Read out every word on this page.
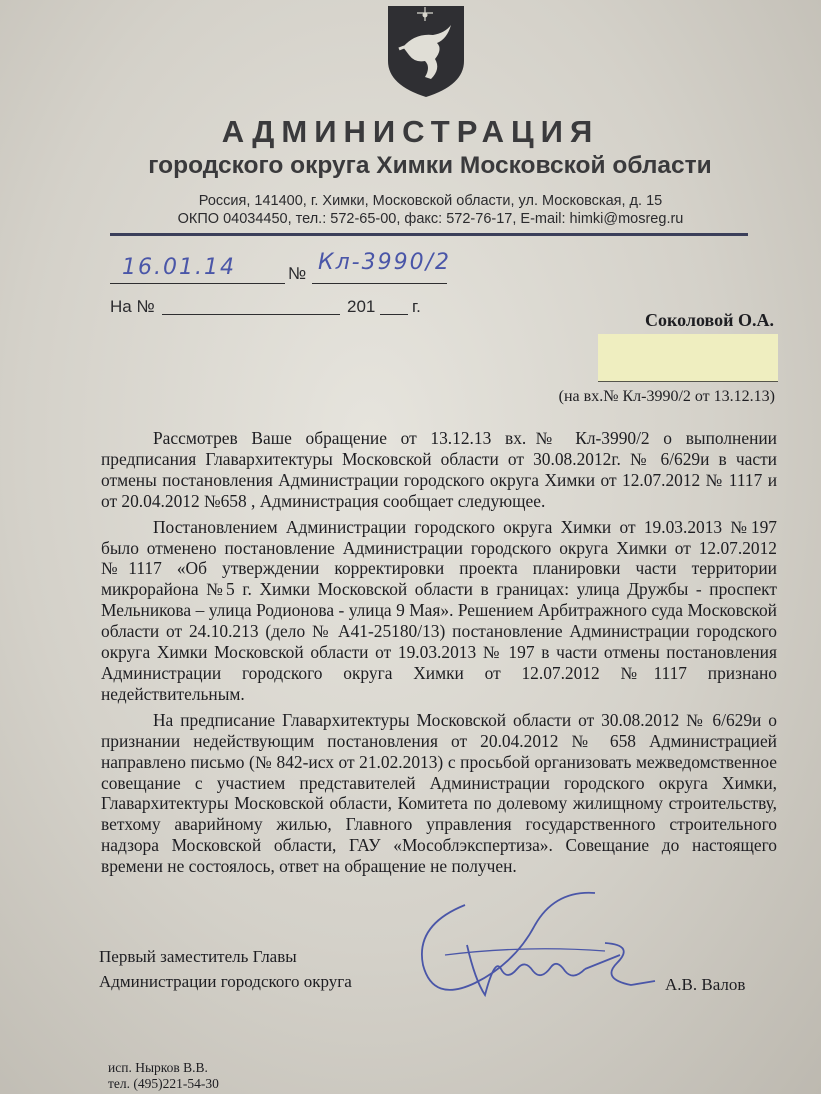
АДМИНИСТРАЦИЯ
городского округа Химки Московской области
Россия, 141400, г. Химки, Московской области, ул. Московская, д. 15
ОКПО 04034450, тел.: 572-65-00, факс: 572-76-17, E-mail: himki@mosreg.ru
16.01.14	№ Кл-3990/2
На №	201 г.
Соколовой О.А.
(на вх.№ Кл-3990/2 от 13.12.13)

Рассмотрев Ваше обращение от 13.12.13 вх.№ Кл-3990/2 о выполнении предписания Главархитектуры Московской области от 30.08.2012г. № 6/629и в части отмены постановления Администрации городского округа Химки от 12.07.2012 № 1117 и от 20.04.2012 №658 , Администрация сообщает следующее.

Постановлением Администрации городского округа Химки от 19.03.2013 №197 было отменено постановление Администрации городского округа Химки от 12.07.2012 №1117 «Об утверждении корректировки проекта планировки части территории микрорайона №5 г. Химки Московской области в границах: улица Дружбы - проспект Мельникова – улица Родионова - улица 9 Мая». Решением Арбитражного суда Московской области от 24.10.213 (дело № А41-25180/13) постановление Администрации городского округа Химки Московской области от 19.03.2013 № 197 в части отмены постановления Администрации городского округа Химки от 12.07.2012 №1117 признано недействительным.

На предписание Главархитектуры Московской области от 30.08.2012 № 6/629и о признании недействующим постановления от 20.04.2012 № 658 Администрацией направлено письмо (№ 842-исх от 21.02.2013) с просьбой организовать межведомственное совещание с участием представителей Администрации городского округа Химки, Главархитектуры Московской области, Комитета по долевому жилищному строительству, ветхому аварийному жилью, Главного управления государственного строительного надзора Московской области, ГАУ «Мособлэкспертиза». Совещание до настоящего времени не состоялось, ответ на обращение не получен.

Первый заместитель Главы
Администрации городского округа	А.В. Валов
исп. Нырков В.В.
тел. (495)221-54-30
